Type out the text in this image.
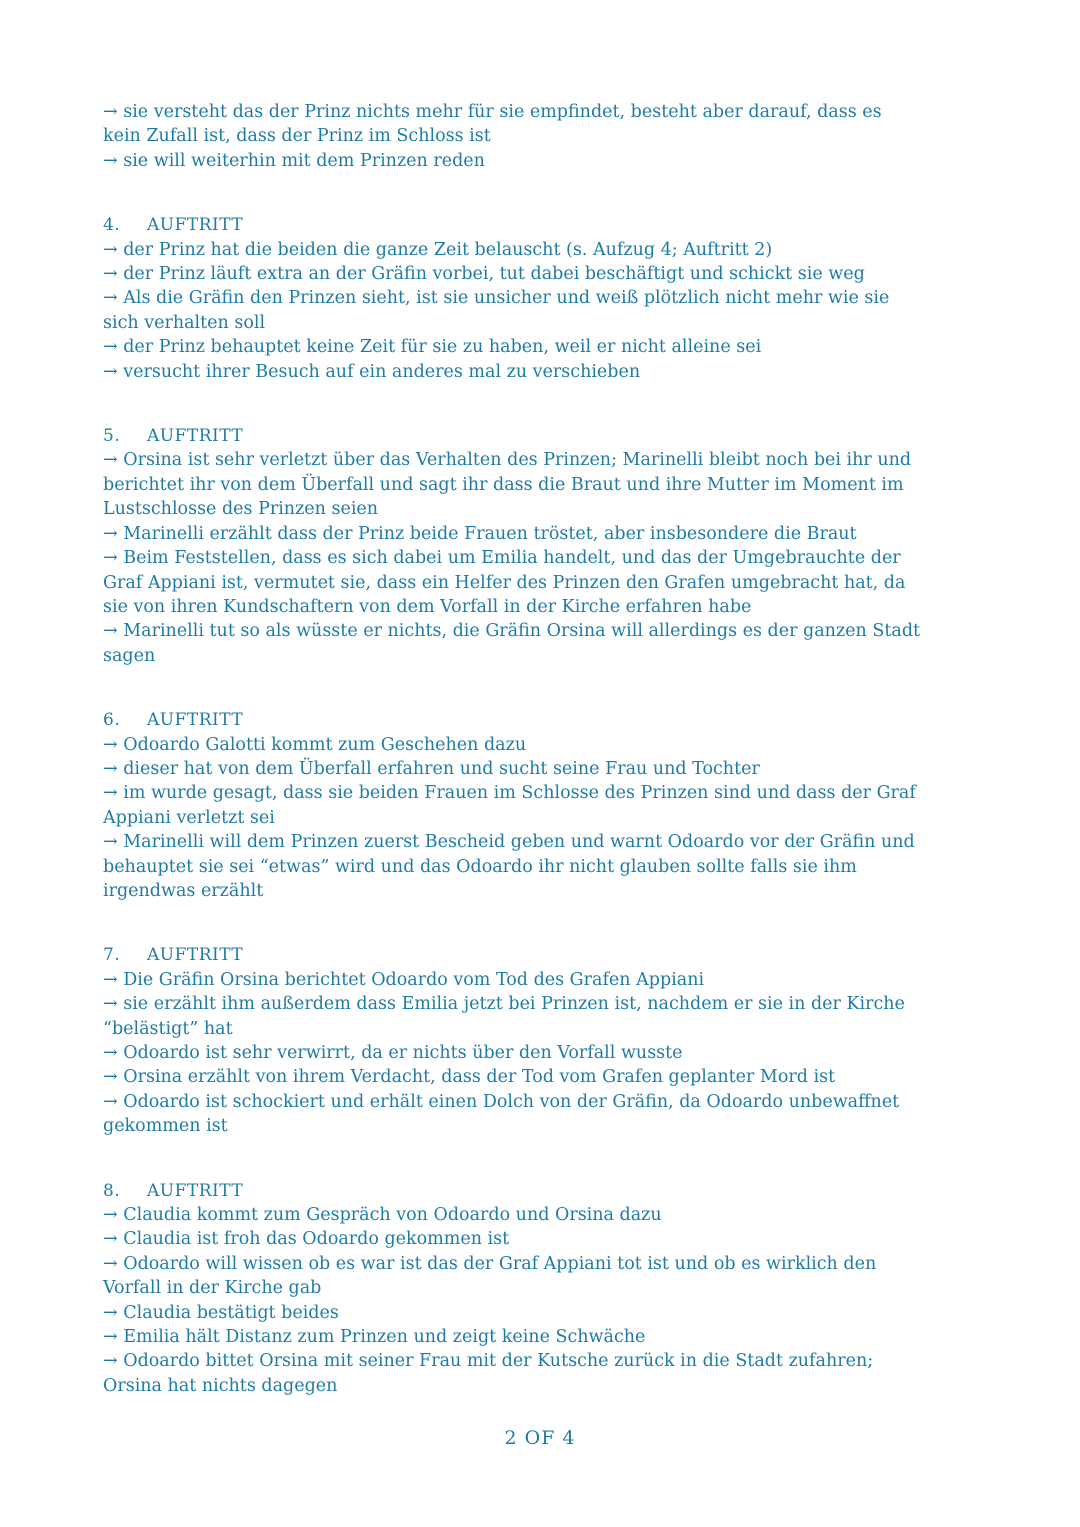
→ sie versteht das der Prinz nichts mehr für sie empfindet, besteht aber darauf, dass es
kein Zufall ist, dass der Prinz im Schloss ist
→ sie will weiterhin mit dem Prinzen reden
4. AUFTRITT
→ der Prinz hat die beiden die ganze Zeit belauscht (s. Aufzug 4; Auftritt 2)
→ der Prinz läuft extra an der Gräfin vorbei, tut dabei beschäftigt und schickt sie weg
→ Als die Gräfin den Prinzen sieht, ist sie unsicher und weiß plötzlich nicht mehr wie sie
sich verhalten soll
→ der Prinz behauptet keine Zeit für sie zu haben, weil er nicht alleine sei
→ versucht ihrer Besuch auf ein anderes mal zu verschieben
5. AUFTRITT
→ Orsina ist sehr verletzt über das Verhalten des Prinzen; Marinelli bleibt noch bei ihr und
berichtet ihr von dem Überfall und sagt ihr dass die Braut und ihre Mutter im Moment im
Lustschlosse des Prinzen seien
→ Marinelli erzählt dass der Prinz beide Frauen tröstet, aber insbesondere die Braut
→ Beim Feststellen, dass es sich dabei um Emilia handelt, und das der Umgebrauchte der
Graf Appiani ist, vermutet sie, dass ein Helfer des Prinzen den Grafen umgebracht hat, da
sie von ihren Kundschaftern von dem Vorfall in der Kirche erfahren habe
→ Marinelli tut so als wüsste er nichts, die Gräfin Orsina will allerdings es der ganzen Stadt
sagen
6. AUFTRITT
→ Odoardo Galotti kommt zum Geschehen dazu
→ dieser hat von dem Überfall erfahren und sucht seine Frau und Tochter
→ im wurde gesagt, dass sie beiden Frauen im Schlosse des Prinzen sind und dass der Graf
Appiani verletzt sei
→ Marinelli will dem Prinzen zuerst Bescheid geben und warnt Odoardo vor der Gräfin und
behauptet sie sei “etwas” wird und das Odoardo ihr nicht glauben sollte falls sie ihm
irgendwas erzählt
7. AUFTRITT
→ Die Gräfin Orsina berichtet Odoardo vom Tod des Grafen Appiani
→ sie erzählt ihm außerdem dass Emilia jetzt bei Prinzen ist, nachdem er sie in der Kirche
“belästigt” hat
→ Odoardo ist sehr verwirrt, da er nichts über den Vorfall wusste
→ Orsina erzählt von ihrem Verdacht, dass der Tod vom Grafen geplanter Mord ist
→ Odoardo ist schockiert und erhält einen Dolch von der Gräfin, da Odoardo unbewaffnet
gekommen ist
8. AUFTRITT
→ Claudia kommt zum Gespräch von Odoardo und Orsina dazu
→ Claudia ist froh das Odoardo gekommen ist
→ Odoardo will wissen ob es war ist das der Graf Appiani tot ist und ob es wirklich den
Vorfall in der Kirche gab
→ Claudia bestätigt beides
→ Emilia hält Distanz zum Prinzen und zeigt keine Schwäche
→ Odoardo bittet Orsina mit seiner Frau mit der Kutsche zurück in die Stadt zufahren;
Orsina hat nichts dagegen
2 OF 4
